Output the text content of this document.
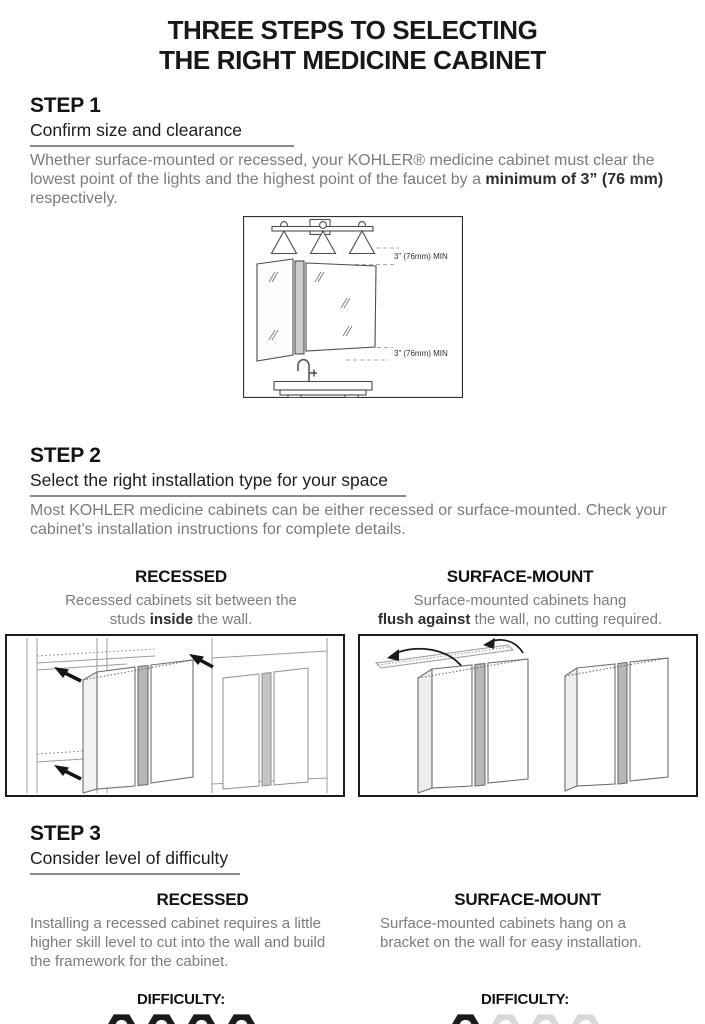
THREE STEPS TO SELECTING
THE RIGHT MEDICINE CABINET
STEP 1
Confirm size and clearance

Whether surface-mounted or recessed, your KOHLER® medicine cabinet must clear the lowest point of the lights and the highest point of the faucet by a minimum of 3” (76 mm) respectively.

3” (76mm) MIN
3” (76mm) MIN
STEP 2
Select the right installation type for your space

Most KOHLER medicine cabinets can be either recessed or surface-mounted. Check your cabinet's installation instructions for complete details.

RECESSED

Recessed cabinets sit between the
studs inside the wall.

SURFACE-MOUNT

Surface-mounted cabinets hang
flush against the wall, no cutting required.

STEP 3
Consider level of difficulty
RECESSED

Installing a recessed cabinet requires a little
higher skill level to cut into the wall and build
the framework for the cabinet.

SURFACE-MOUNT

Surface-mounted cabinets hang on a
bracket on the wall for easy installation.

DIFFICULTY:	DIFFICULTY:
